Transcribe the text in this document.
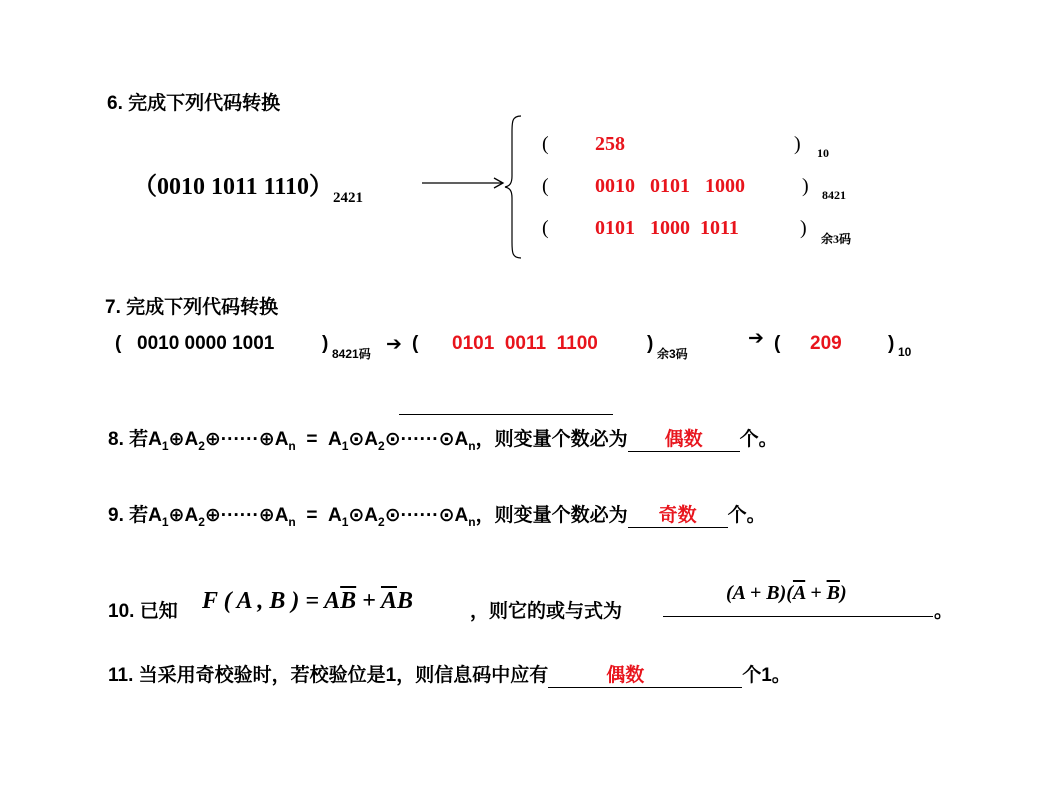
6. 完成下列代码转换
（0010 1011 $1110)_{2421}$
( 258	) 10
( 0010   0101   1000	) 8421
( 0101   1000  1011	) 余3码
7. 完成下列代码转换
( 0010 0000 1001	) 8421码 ➔ ( 0101  0011  1100	) 余3码
➔ ( 209 ) 10
8. 若$A_1\oplus A_2\oplus\cdot\cdot\cdot\cdot\cdot\cdot\oplus A_n$  =  $A_1⊙A_2⊙\cdot\cdot\cdot\cdot\cdot\cdot⊙A_n$，则变量个数必为 偶数 个。
9. 若$A_1\oplus A_2\oplus\cdot\cdot\cdot\cdot\cdot\cdot\oplus A_n$  =  $A_1⊙A_2⊙\cdot\cdot\cdot\cdot\cdot\cdot⊙A_n$，则变量个数必为 奇数 个。
10. 已知 F ( A , B ) = $A\overline{B} + \overline{A}B$	，则它的或与式为
$(A + B)(\overline{A} + \overline{B})$
。
11. 当采用奇校验时，若校验位是1，则信息码中应有	偶数	个1。
